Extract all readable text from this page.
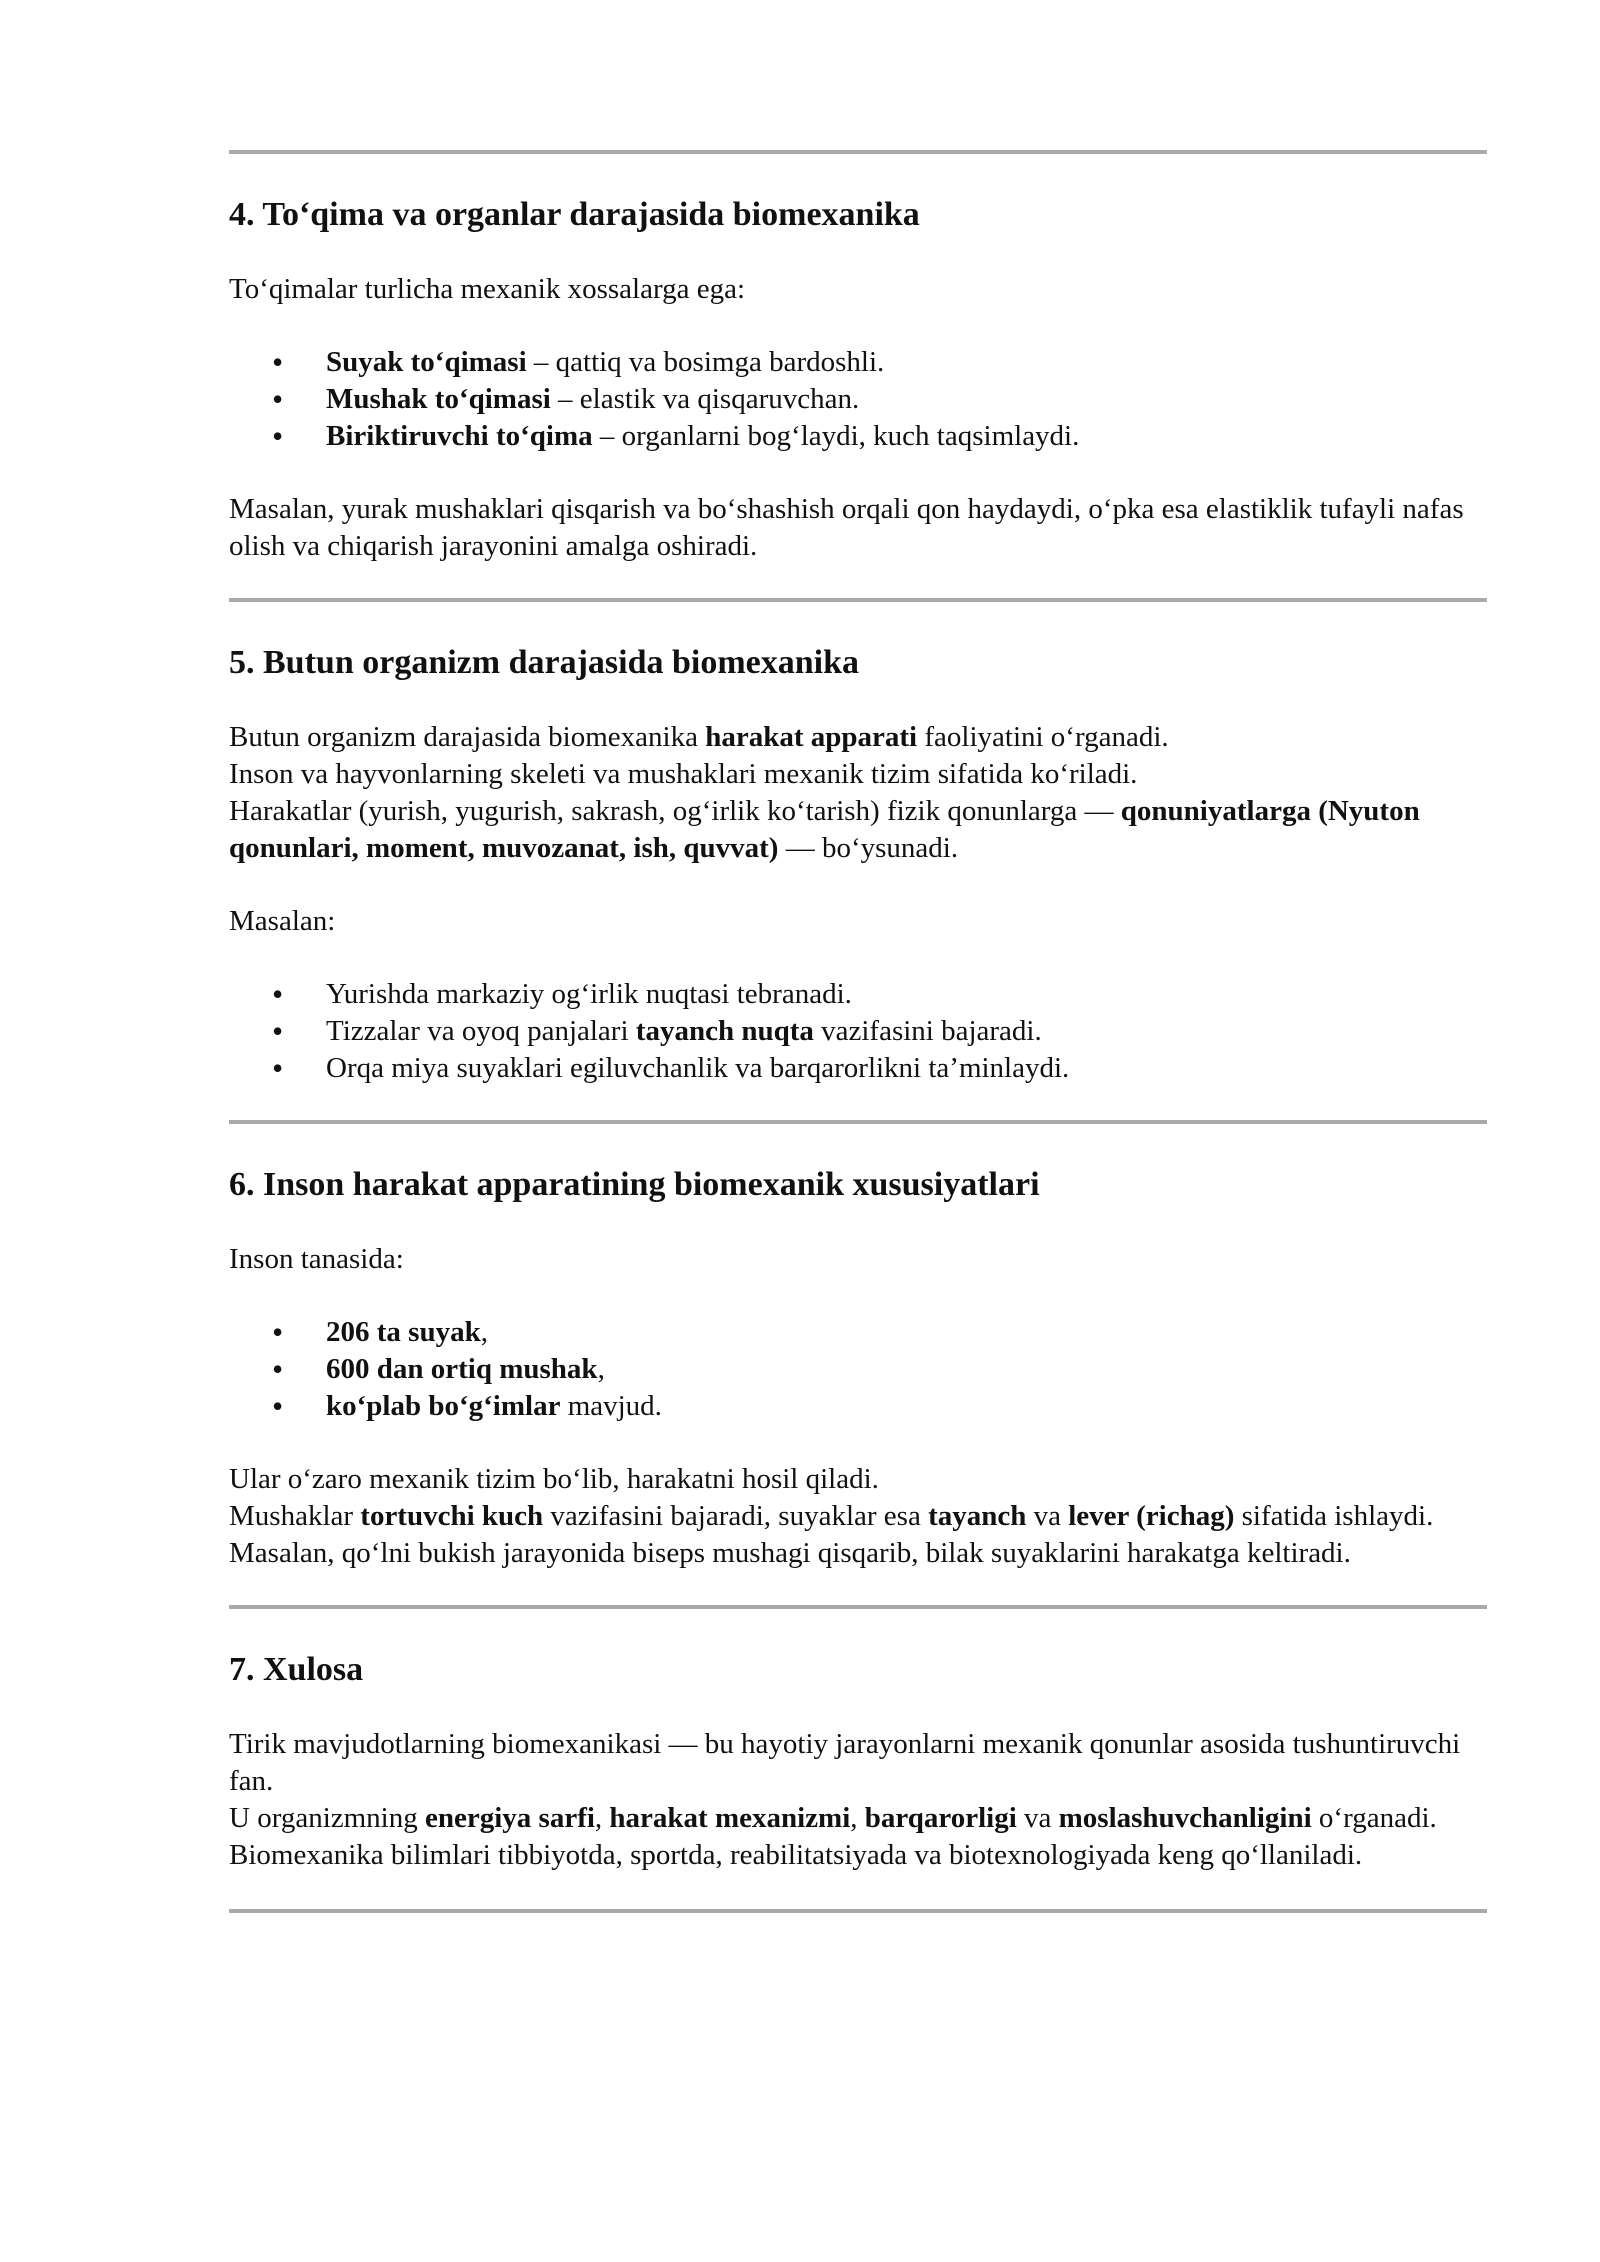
4. To‘qima va organlar darajasida biomexanika

To‘qimalar turlicha mexanik xossalarga ega:

• Suyak to‘qimasi – qattiq va bosimga bardoshli.
• Mushak to‘qimasi – elastik va qisqaruvchan.
• Biriktiruvchi to‘qima – organlarni bog‘laydi, kuch taqsimlaydi.

Masalan, yurak mushaklari qisqarish va bo‘shashish orqali qon haydaydi, o‘pka esa elastiklik tufayli nafas olish va chiqarish jarayonini amalga oshiradi.

5. Butun organizm darajasida biomexanika

Butun organizm darajasida biomexanika harakat apparati faoliyatini o‘rganadi.
Inson va hayvonlarning skeleti va mushaklari mexanik tizim sifatida ko‘riladi.
Harakatlar (yurish, yugurish, sakrash, og‘irlik ko‘tarish) fizik qonunlarga — qonuniyatlarga (Nyuton qonunlari, moment, muvozanat, ish, quvvat) — bo‘ysunadi.

Masalan:

• Yurishda markaziy og‘irlik nuqtasi tebranadi.
• Tizzalar va oyoq panjalari tayanch nuqta vazifasini bajaradi.
• Orqa miya suyaklari egiluvchanlik va barqarorlikni ta’minlaydi.
6. Inson harakat apparatining biomexanik xususiyatlari

Inson tanasida:

• 206 ta suyak,
• 600 dan ortiq mushak,
• ko‘plab bo‘g‘imlar mavjud.

Ular o‘zaro mexanik tizim bo‘lib, harakatni hosil qiladi.
Mushaklar tortuvchi kuch vazifasini bajaradi, suyaklar esa tayanch va lever (richag) sifatida ishlaydi.
Masalan, qo‘lni bukish jarayonida biseps mushagi qisqarib, bilak suyaklarini harakatga keltiradi.

7. Xulosa

Tirik mavjudotlarning biomexanikasi — bu hayotiy jarayonlarni mexanik qonunlar asosida tushuntiruvchi fan.
U organizmning energiya sarfi, harakat mexanizmi, barqarorligi va moslashuvchanligini o‘rganadi.
Biomexanika bilimlari tibbiyotda, sportda, reabilitatsiyada va biotexnologiyada keng qo‘llaniladi.
